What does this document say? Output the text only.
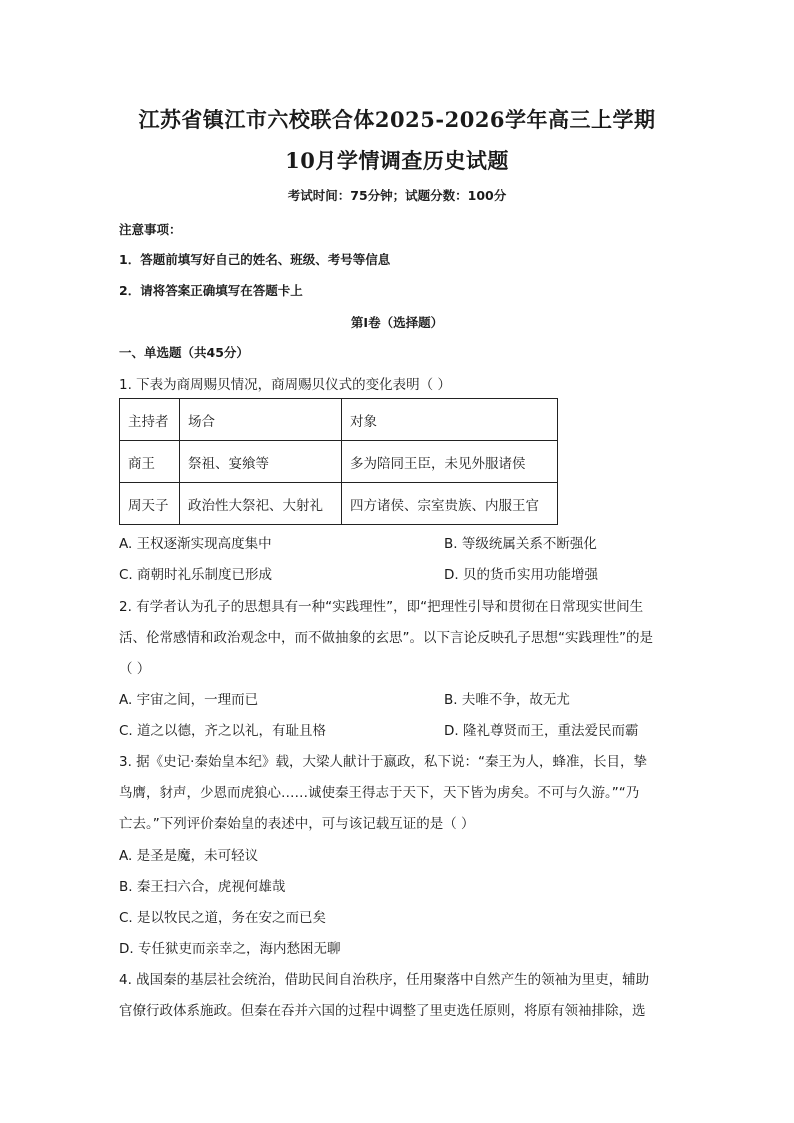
江苏省镇江市六校联合体2025-2026学年高三上学期
10月学情调查历史试题
考试时间：75分钟；试题分数：100分
注意事项：
1．答题前填写好自己的姓名、班级、考号等信息
2．请将答案正确填写在答题卡上
第I卷（选择题）
一、单选题（共45分）
1. 下表为商周赐贝情况，商周赐贝仪式的变化表明（ ）
主持者	场合	对象
商王	祭祖、宴飨等	多为陪同王臣，未见外服诸侯
周天子	政治性大祭祀、大射礼	四方诸侯、宗室贵族、内服王官
A. 王权逐渐实现高度集中	B. 等级统属关系不断强化
C. 商朝时礼乐制度已形成	D. 贝的货币实用功能增强
2. 有学者认为孔子的思想具有一种“实践理性”，即“把理性引导和贯彻在日常现实世间生
活、伦常感情和政治观念中，而不做抽象的玄思”。以下言论反映孔子思想“实践理性”的是
（ ）
A. 宇宙之间，一理而已	B. 夫唯不争，故无尤
C. 道之以德，齐之以礼，有耻且格	D. 隆礼尊贤而王，重法爱民而霸
3. 据《史记·秦始皇本纪》载，大梁人献计于嬴政，私下说：“秦王为人，蜂准，长目，挚
鸟膺，豺声，少恩而虎狼心……诚使秦王得志于天下，天下皆为虏矣。不可与久游。”“乃
亡去。”下列评价秦始皇的表述中，可与该记载互证的是（ ）
A. 是圣是魔，未可轻议
B. 秦王扫六合，虎视何雄哉
C. 是以牧民之道，务在安之而已矣
D. 专任狱吏而亲幸之，海内愁困无聊
4. 战国秦的基层社会统治，借助民间自治秩序，任用聚落中自然产生的领袖为里吏，辅助
官僚行政体系施政。但秦在吞并六国的过程中调整了里吏选任原则，将原有领袖排除，选
